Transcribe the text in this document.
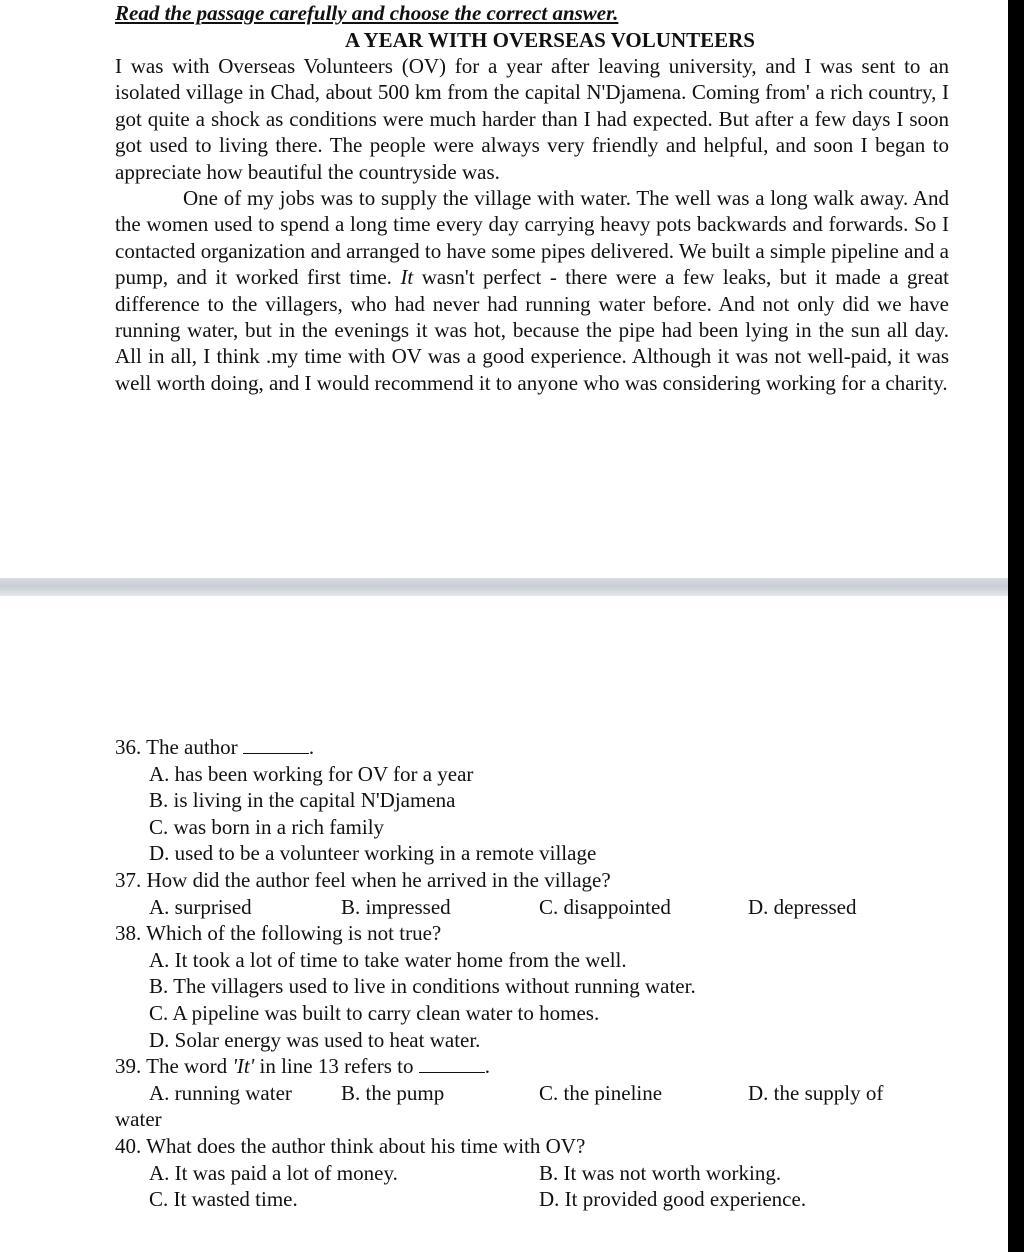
Read the passage carefully and choose the correct answer.

A YEAR WITH OVERSEAS VOLUNTEERS

I was with Overseas Volunteers (OV) for a year after leaving university, and I was sent to an isolated village in Chad, about 500 km from the capital N'Djamena. Coming from' a rich country, I got quite a shock as conditions were much harder than I had expected. But after a few days I soon got used to living there. The people were always very friendly and helpful, and soon I began to appreciate how beautiful the countryside was.

One of my jobs was to supply the village with water. The well was a long walk away. And the women used to spend a long time every day carrying heavy pots backwards and forwards. So I contacted organization and arranged to have some pipes delivered. We built a simple pipeline and a pump, and it worked first time. It wasn't perfect - there were a few leaks, but it made a great difference to the villagers, who had never had running water before. And not only did we have running water, but in the evenings it was hot, because the pipe had been lying in the sun all day. All in all, I think .my time with OV was a good experience. Although it was not well-paid, it was well worth doing, and I would recommend it to anyone who was considering working for a charity.

36. The author	.

A. has been working for OV for a year

B. is living in the capital N'Djamena

C. was born in a rich family

D. used to be a volunteer working in a remote village

37. How did the author feel when he arrived in the village?

A. surprised	B. impressed	C. disappointed	D. depressed

38. Which of the following is not true?

A. It took a lot of time to take water home from the well.

B. The villagers used to live in conditions without running water.

C. A pipeline was built to carry clean water to homes.

D. Solar energy was used to heat water.

39. The word 'It' in line 13 refers to	.

A. running water B. the pump	C. the pineline	D. the supply of

water

40. What does the author think about his time with OV?

A. It was paid a lot of money.	B. It was not worth working.
C. It wasted time.	D. It provided good experience.
